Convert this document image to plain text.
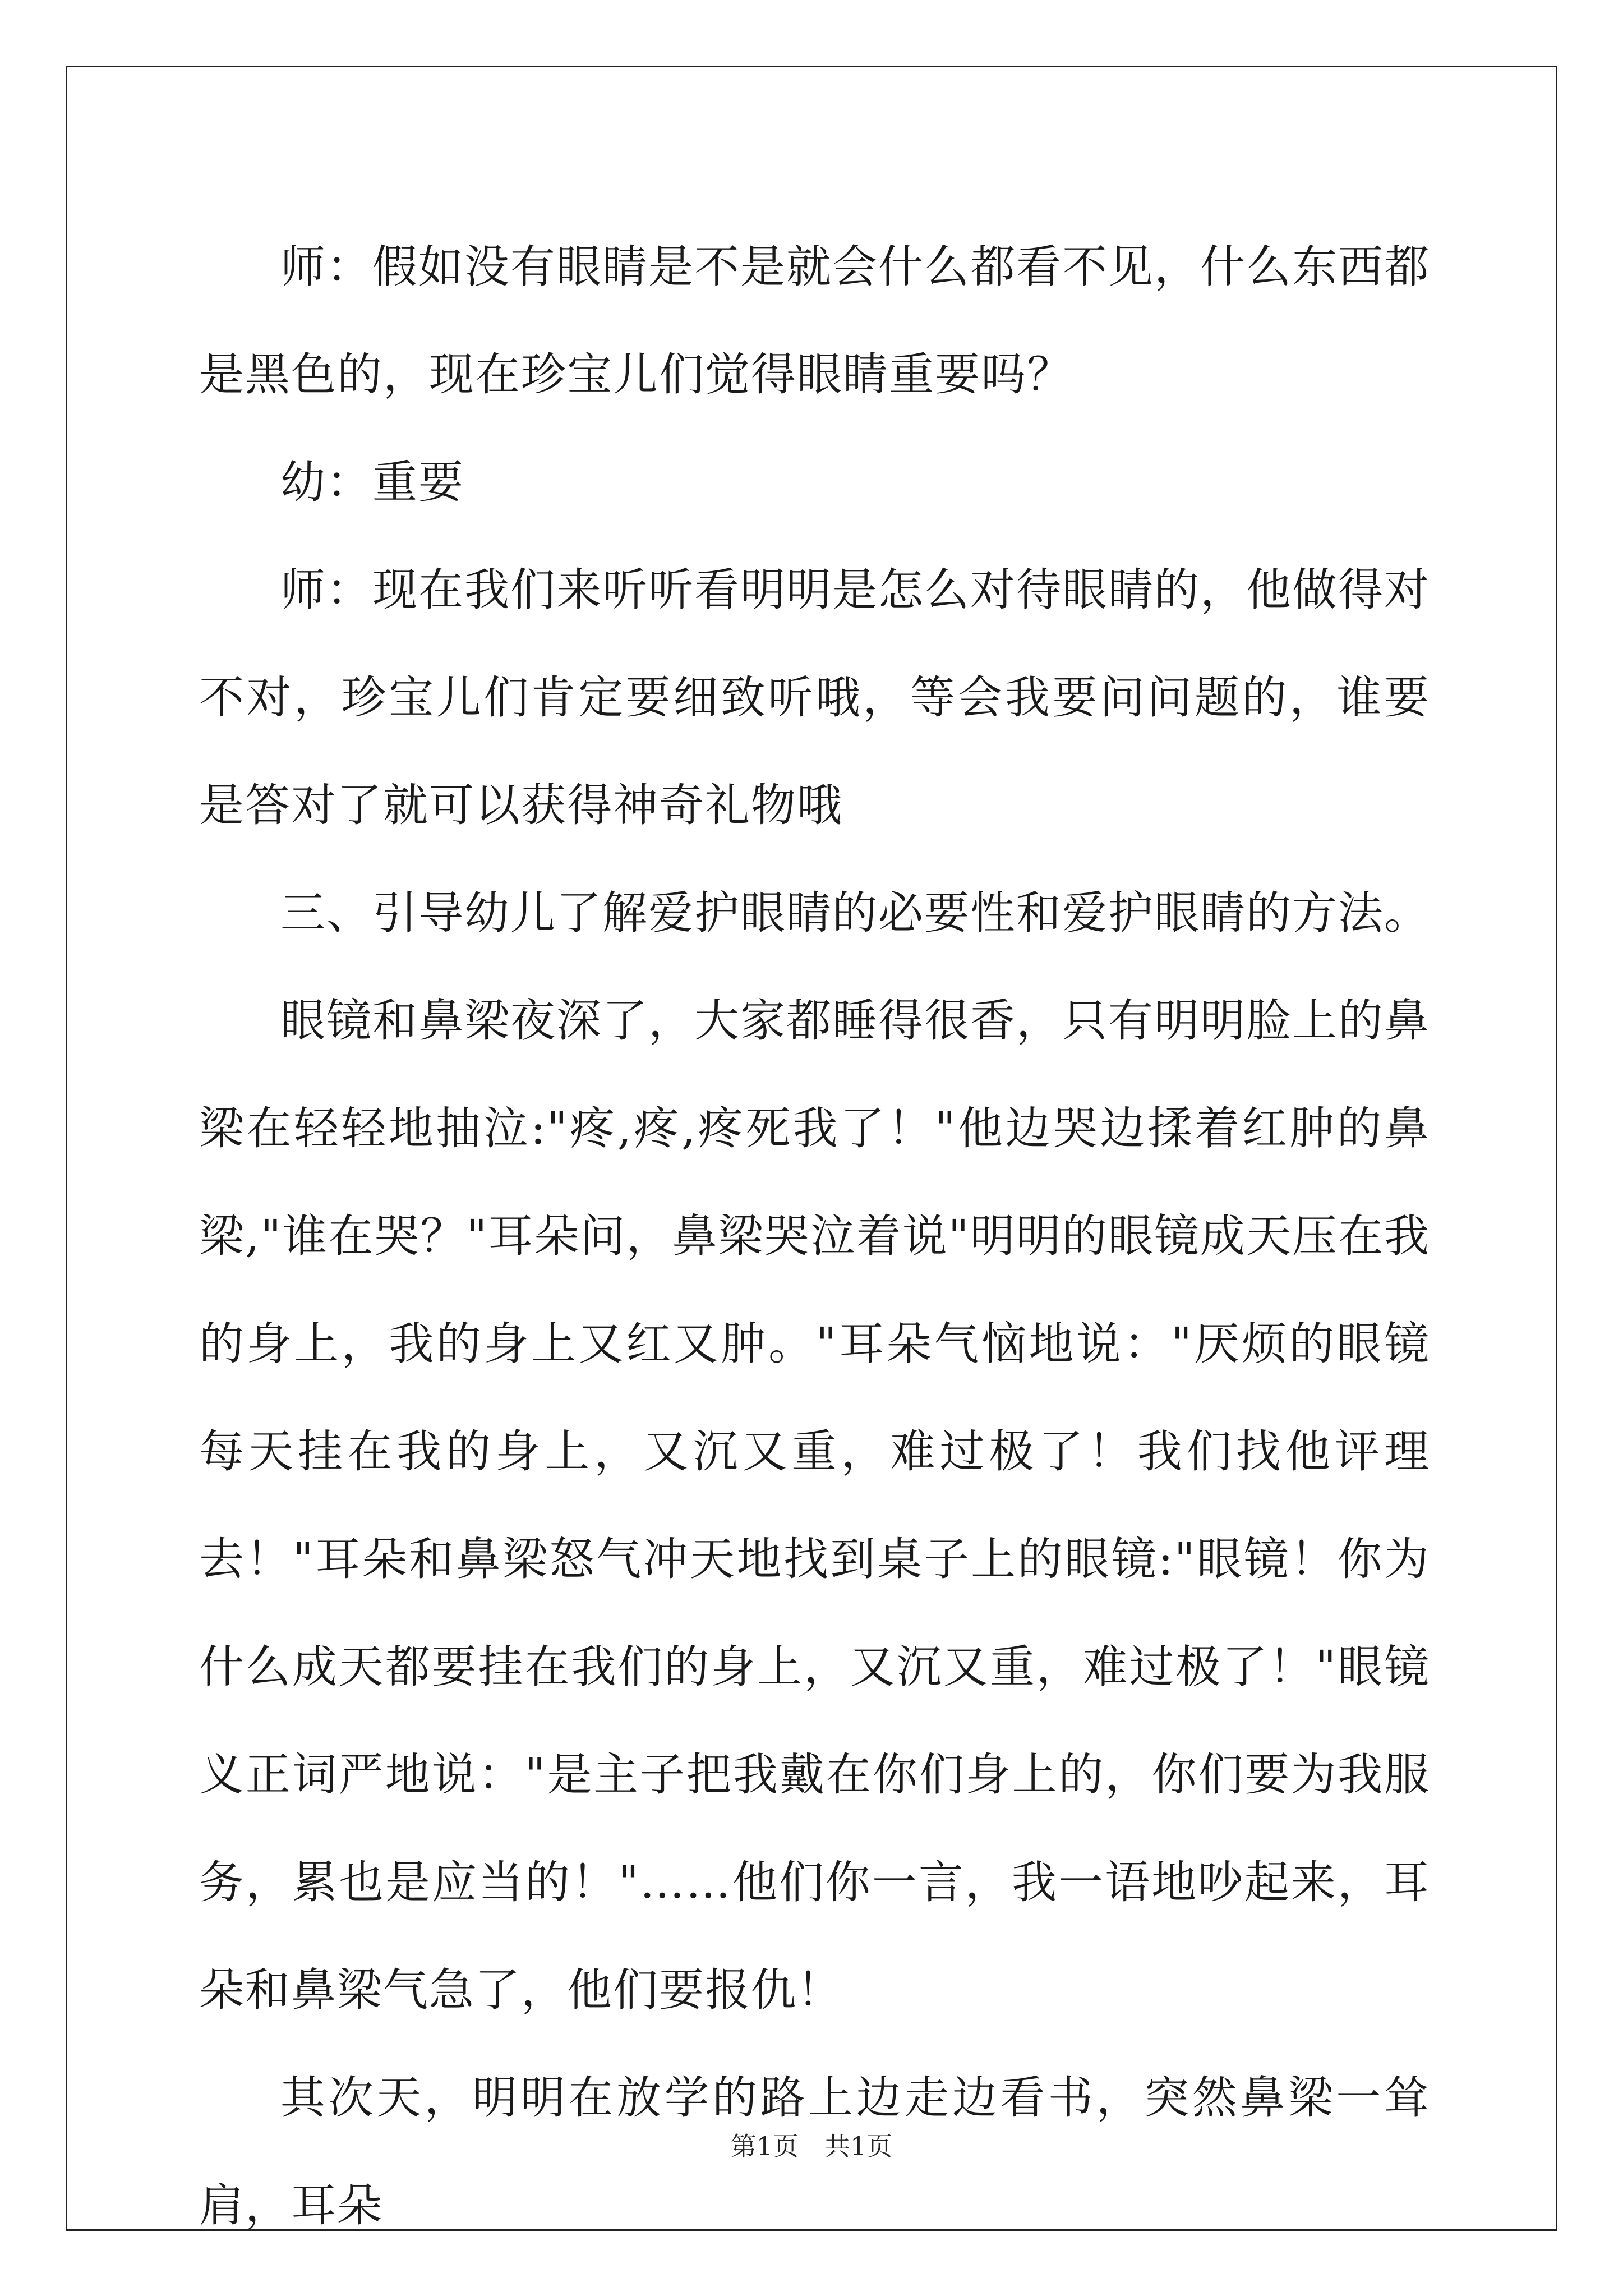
师：假如没有眼睛是不是就会什么都看不见，什么东西都是黑色的，现在珍宝儿们觉得眼睛重要吗？

幼：重要

师：现在我们来听听看明明是怎么对待眼睛的，他做得对不对，珍宝儿们肯定要细致听哦，等会我要问问题的，谁要是答对了就可以获得神奇礼物哦

三、引导幼儿了解爱护眼睛的必要性和爱护眼睛的方法。

眼镜和鼻梁夜深了，大家都睡得很香，只有明明脸上的鼻梁在轻轻地抽泣:"疼,疼,疼死我了！"他边哭边揉着红肿的鼻梁,"谁在哭？"耳朵问，鼻梁哭泣着说"明明的眼镜成天压在我的身上，我的身上又红又肿。"耳朵气恼地说："厌烦的眼镜每天挂在我的身上，又沉又重，难过极了！我们找他评理去！"耳朵和鼻梁怒气冲天地找到桌子上的眼镜:"眼镜！你为什么成天都要挂在我们的身上，又沉又重，难过极了！"眼镜义正词严地说："是主子把我戴在你们身上的，你们要为我服务，累也是应当的！"……他们你一言，我一语地吵起来，耳朵和鼻梁气急了，他们要报仇！

其次天，明明在放学的路上边走边看书，突然鼻梁一耸肩，耳朵

第1页　共1页
